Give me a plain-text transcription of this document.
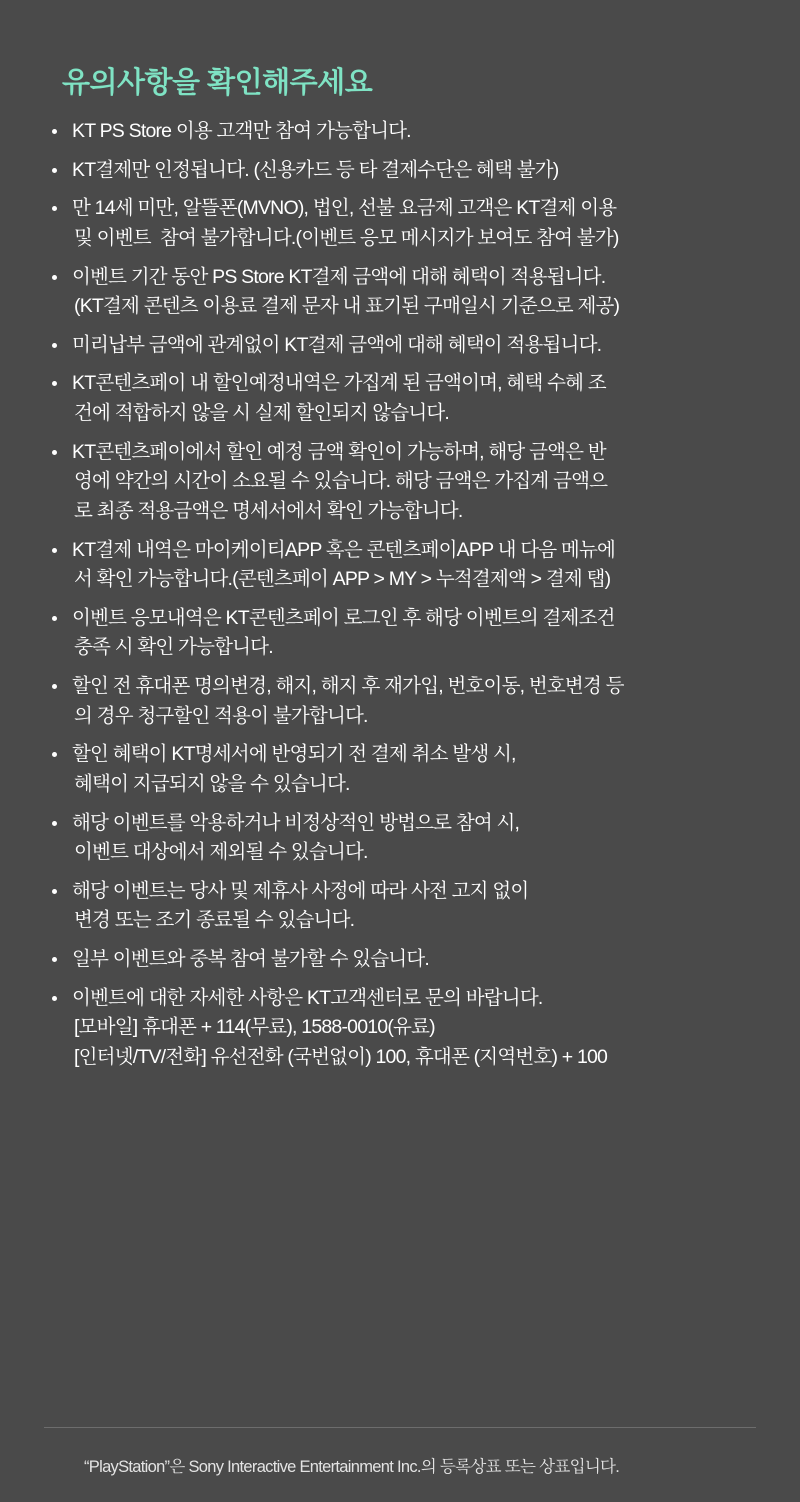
유의사항을 확인해주세요
KT PS Store 이용 고객만 참여 가능합니다.
KT결제만 인정됩니다. (신용카드 등 타 결제수단은 혜택 불가)
만 14세 미만, 알뜰폰(MVNO), 법인, 선불 요금제 고객은 KT결제 이용
및 이벤트  참여 불가합니다.(이벤트 응모 메시지가 보여도 참여 불가)
이벤트 기간 동안 PS Store KT결제 금액에 대해 혜택이 적용됩니다.
(KT결제 콘텐츠 이용료 결제 문자 내 표기된 구매일시 기준으로 제공)
미리납부 금액에 관계없이 KT결제 금액에 대해 혜택이 적용됩니다.
KT콘텐츠페이 내 할인예정내역은 가집계 된 금액이며, 혜택 수혜 조
건에 적합하지 않을 시 실제 할인되지 않습니다.
KT콘텐츠페이에서 할인 예정 금액 확인이 가능하며, 해당 금액은 반
영에 약간의 시간이 소요될 수 있습니다. 해당 금액은 가집계 금액으
로 최종 적용금액은 명세서에서 확인 가능합니다.
KT결제 내역은 마이케이티APP 혹은 콘텐츠페이APP 내 다음 메뉴에
서 확인 가능합니다.(콘텐츠페이 APP > MY > 누적결제액 > 결제 탭)
이벤트 응모내역은 KT콘텐츠페이 로그인 후 해당 이벤트의 결제조건
충족 시 확인 가능합니다.
할인 전 휴대폰 명의변경, 해지, 해지 후 재가입, 번호이동, 번호변경 등
의 경우 청구할인 적용이 불가합니다.
할인 혜택이 KT명세서에 반영되기 전 결제 취소 발생 시,
혜택이 지급되지 않을 수 있습니다.
해당 이벤트를 악용하거나 비정상적인 방법으로 참여 시,
이벤트 대상에서 제외될 수 있습니다.
해당 이벤트는 당사 및 제휴사 사정에 따라 사전 고지 없이
변경 또는 조기 종료될 수 있습니다.
일부 이벤트와 중복 참여 불가할 수 있습니다.
이벤트에 대한 자세한 사항은 KT고객센터로 문의 바랍니다.
[모바일] 휴대폰 + 114(무료), 1588-0010(유료)
[인터넷/TV/전화] 유선전화 (국번없이) 100, 휴대폰 (지역번호) + 100
“PlayStation”은 Sony Interactive Entertainment Inc.의 등록상표 또는 상표입니다.
